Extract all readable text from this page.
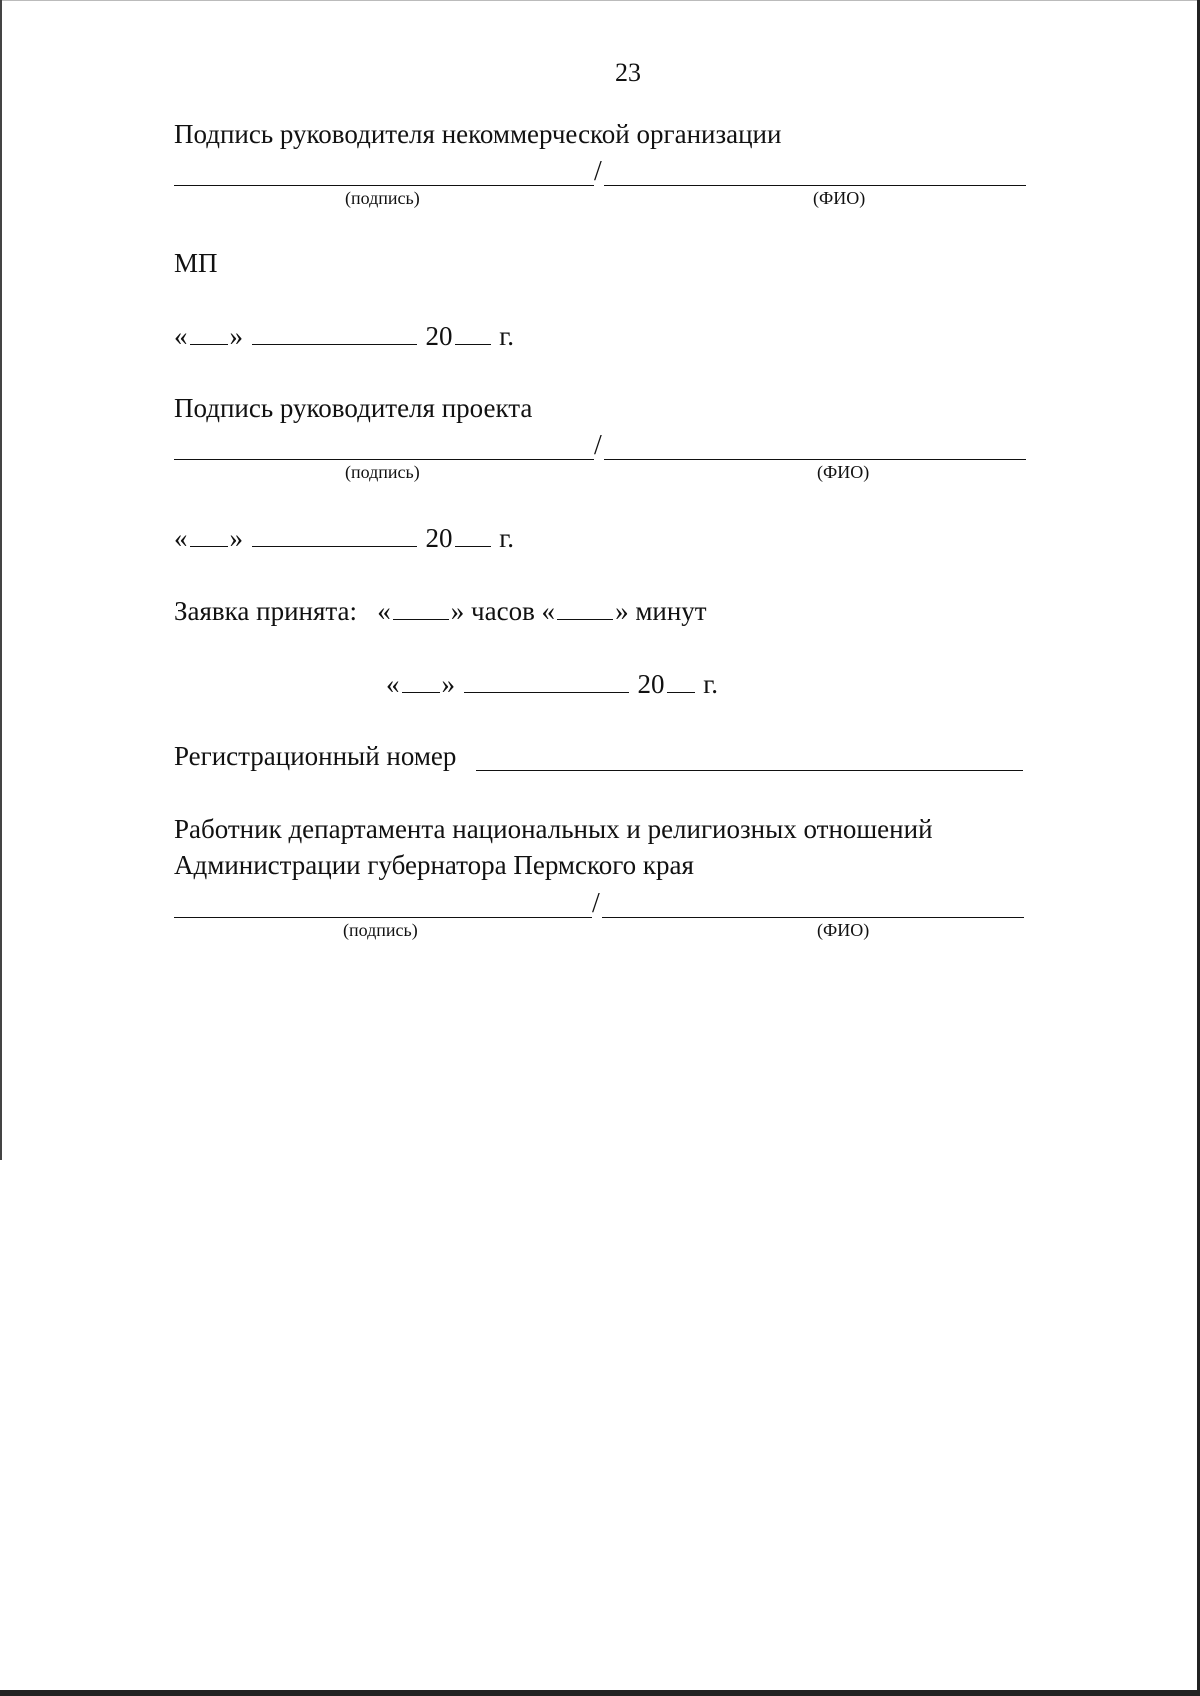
23
Подпись руководителя некоммерческой организации
/
(подпись)	(ФИО)
МП
« »	20 г.
Подпись руководителя проекта
/
(подпись)	(ФИО)
« »	20 г.
Заявка принята: « » часов « » минут
« »	20 г.
Регистрационный номер
Работник департамента национальных и религиозных отношений
Администрации губернатора Пермского края
/
(подпись)	(ФИО)
